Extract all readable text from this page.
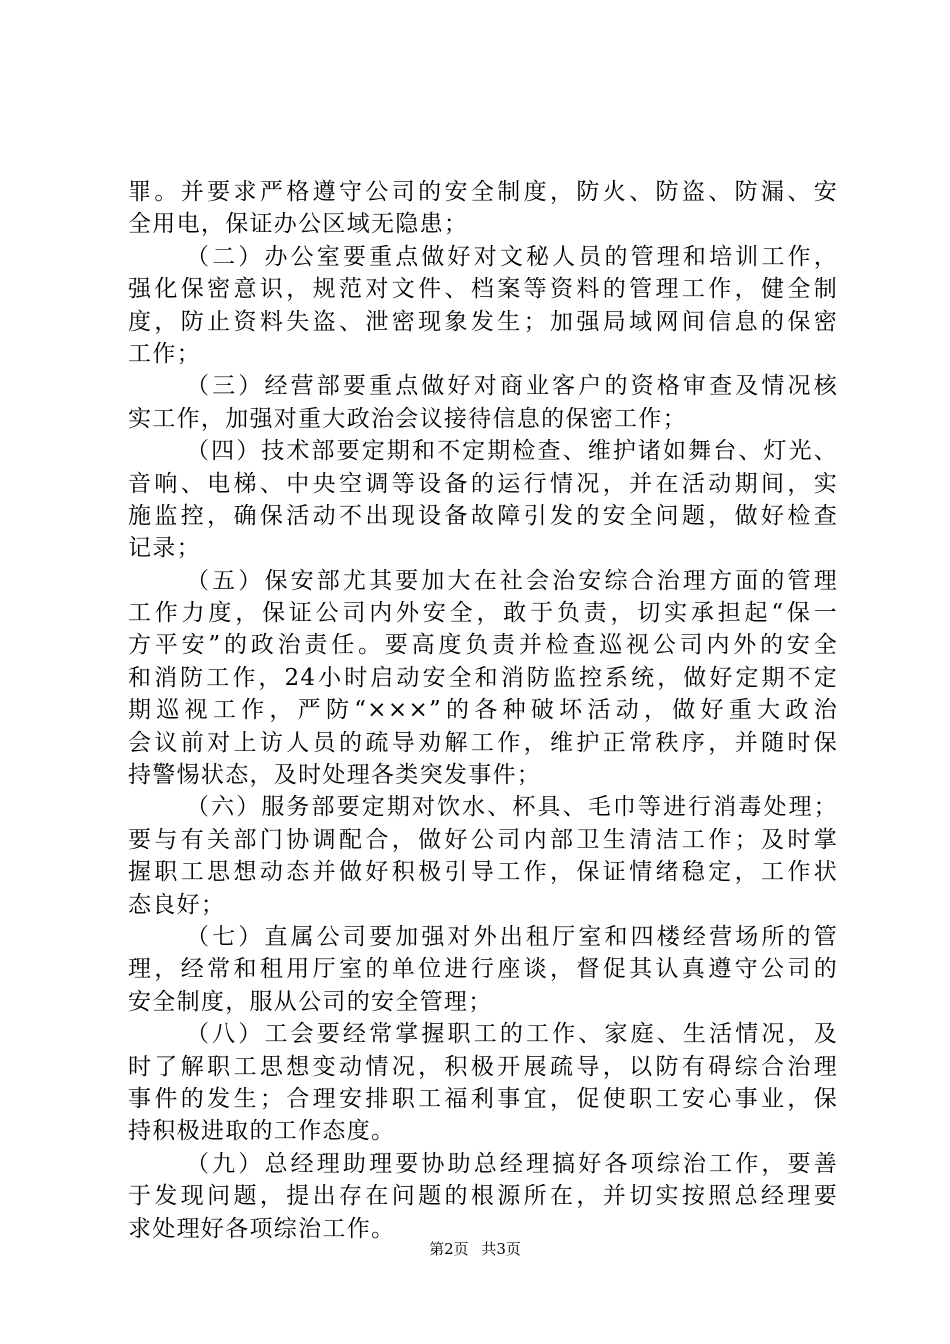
罪。并要求严格遵守公司的安全制度，防火、防盗、防漏、安
全用电，保证办公区域无隐患；
（二）办公室要重点做好对文秘人员的管理和培训工作，
强化保密意识，规范对文件、档案等资料的管理工作，健全制
度，防止资料失盗、泄密现象发生；加强局域网间信息的保密
工作；
（三）经营部要重点做好对商业客户的资格审查及情况核
实工作，加强对重大政治会议接待信息的保密工作；
（四）技术部要定期和不定期检查、维护诸如舞台、灯光、
音响、电梯、中央空调等设备的运行情况，并在活动期间，实
施监控，确保活动不出现设备故障引发的安全问题，做好检查
记录；
（五）保安部尤其要加大在社会治安综合治理方面的管理
工作力度，保证公司内外安全，敢于负责，切实承担起“保一
方平安”的政治责任。要高度负责并检查巡视公司内外的安全
和消防工作，24小时启动安全和消防监控系统，做好定期不定
期巡视工作，严防“×××”的各种破坏活动，做好重大政治
会议前对上访人员的疏导劝解工作，维护正常秩序，并随时保
持警惕状态，及时处理各类突发事件；
（六）服务部要定期对饮水、杯具、毛巾等进行消毒处理；
要与有关部门协调配合，做好公司内部卫生清洁工作；及时掌
握职工思想动态并做好积极引导工作，保证情绪稳定，工作状
态良好；
（七）直属公司要加强对外出租厅室和四楼经营场所的管
理，经常和租用厅室的单位进行座谈，督促其认真遵守公司的
安全制度，服从公司的安全管理；
（八）工会要经常掌握职工的工作、家庭、生活情况，及
时了解职工思想变动情况，积极开展疏导，以防有碍综合治理
事件的发生；合理安排职工福利事宜，促使职工安心事业，保
持积极进取的工作态度。
（九）总经理助理要协助总经理搞好各项综治工作，要善
于发现问题，提出存在问题的根源所在，并切实按照总经理要
求处理好各项综治工作。
第2页 共3页
